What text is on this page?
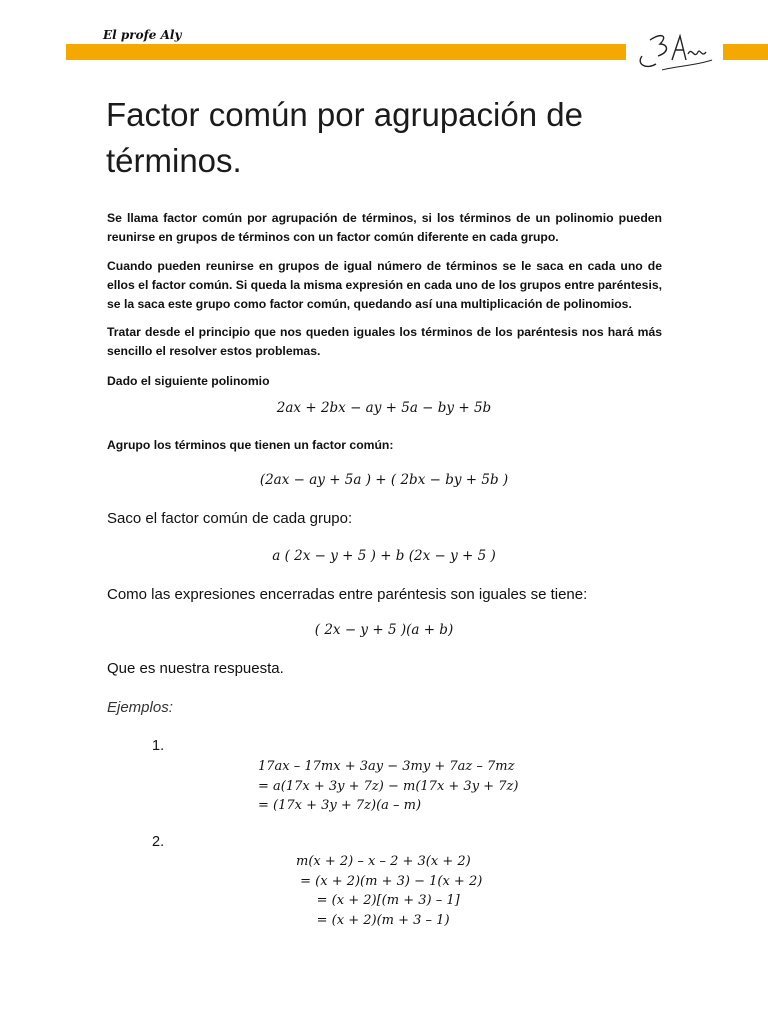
El profe Aly
Factor común por agrupación de términos.

Se llama factor común por agrupación de términos, si los términos de un polinomio pueden reunirse en grupos de términos con un factor común diferente en cada grupo.

Cuando pueden reunirse en grupos de igual número de términos se le saca en cada uno de ellos el factor común. Si queda la misma expresión en cada uno de los grupos entre paréntesis, se la saca este grupo como factor común, quedando así una multiplicación de polinomios.

Tratar desde el principio que nos queden iguales los términos de los paréntesis nos hará más sencillo el resolver estos problemas.

Dado el siguiente polinomio

2ax + 2bx − ay + 5a − by + 5b

Agrupo los términos que tienen un factor común:

(2ax − ay + 5a ) + ( 2bx − by + 5b )

Saco el factor común de cada grupo:

a ( 2x − y + 5 ) + b (2x − y + 5 )

Como las expresiones encerradas entre paréntesis son iguales se tiene:

( 2x − y + 5 )(a + b)

Que es nuestra respuesta.

Ejemplos:

1.

17ax – 17mx + 3ay − 3my + 7az – 7mz
= a(17x + 3y + 7z) − m(17x + 3y + 7z)
= (17x + 3y + 7z)(a – m)

2.

m(x + 2) – x – 2 + 3(x + 2)
= (x + 2)(m + 3) − 1(x + 2)
= (x + 2)[(m + 3) – 1]
= (x + 2)(m + 3 – 1)
